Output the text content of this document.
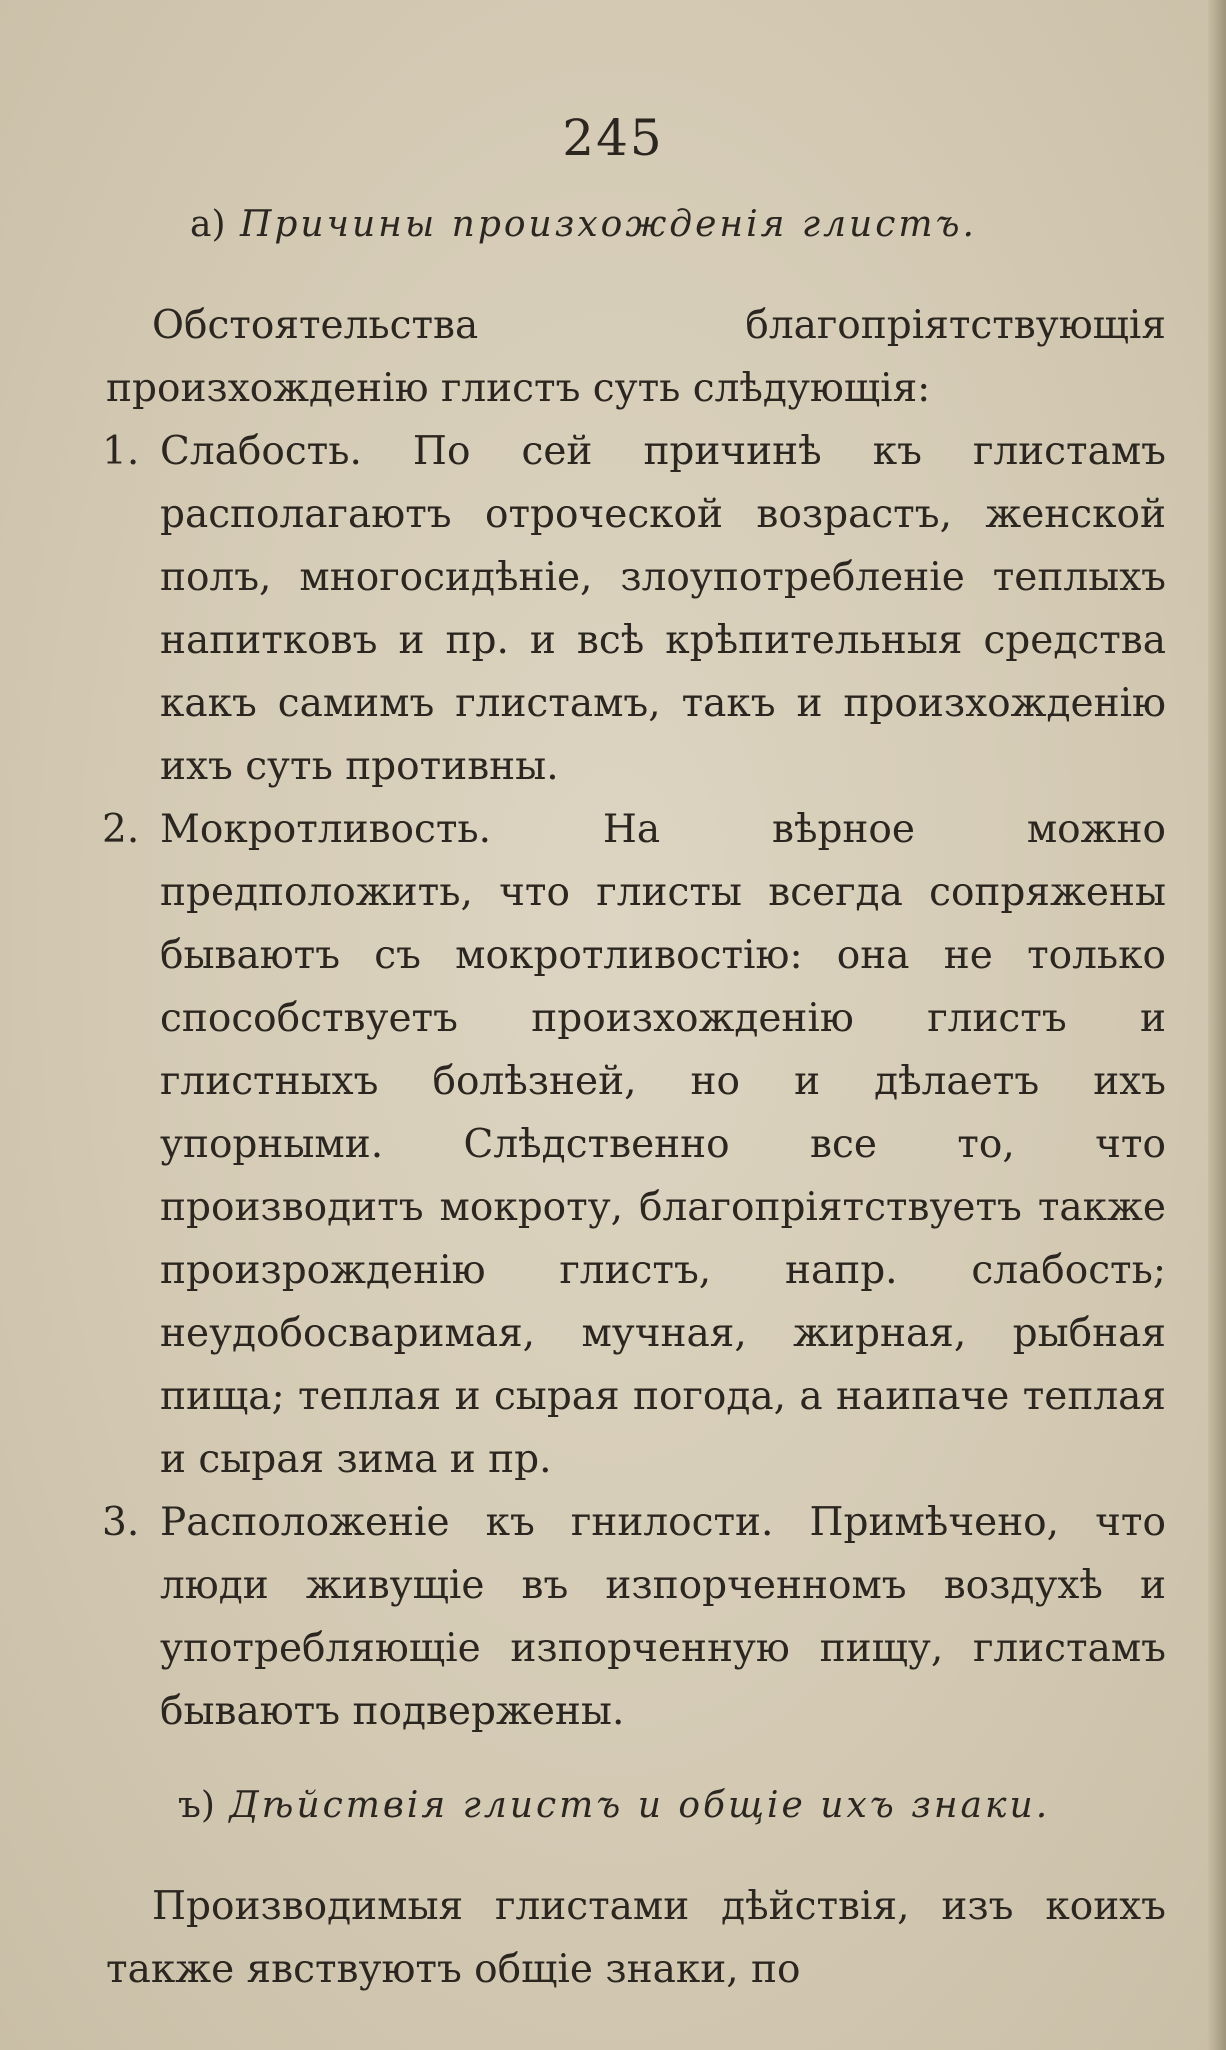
245

a) Причины произхожденія глистъ.

Обстоятельства благопріятствующія произхожденію глистъ суть слѣдующія:

1. Слабость. По сей причинѣ къ глистамъ располагаютъ отроческой возрастъ, женской полъ, многосидѣніе, злоупотребленіе теплыхъ напитковъ и пр. и всѣ крѣпительныя средства какъ самимъ глистамъ, такъ и произхожденію ихъ суть противны.
2. Мокротливость. На вѣрное можно предположить, что глисты всегда сопряжены бываютъ съ мокротливостію: она не только способствуетъ произхожденію глистъ и глистныхъ болѣзней, но и дѣлаетъ ихъ упорными. Слѣдственно все то, что производитъ мокроту, благопріятствуетъ также произрожденію глистъ, напр. слабость; неудобосваримая, мучная, жирная, рыбная пища; теплая и сырая погода, а наипаче теплая и сырая зима и пр.
3. Расположеніе къ гнилости. Примѣчено, что люди живущіе въ изпорченномъ воздухѣ и употребляющіе изпорченную пищу, глистамъ бываютъ подвержены.

ъ) Дѣйствія глистъ и общіе ихъ знаки.

Производимыя глистами дѣйствія, изъ коихъ также явствуютъ общіе знаки, по
